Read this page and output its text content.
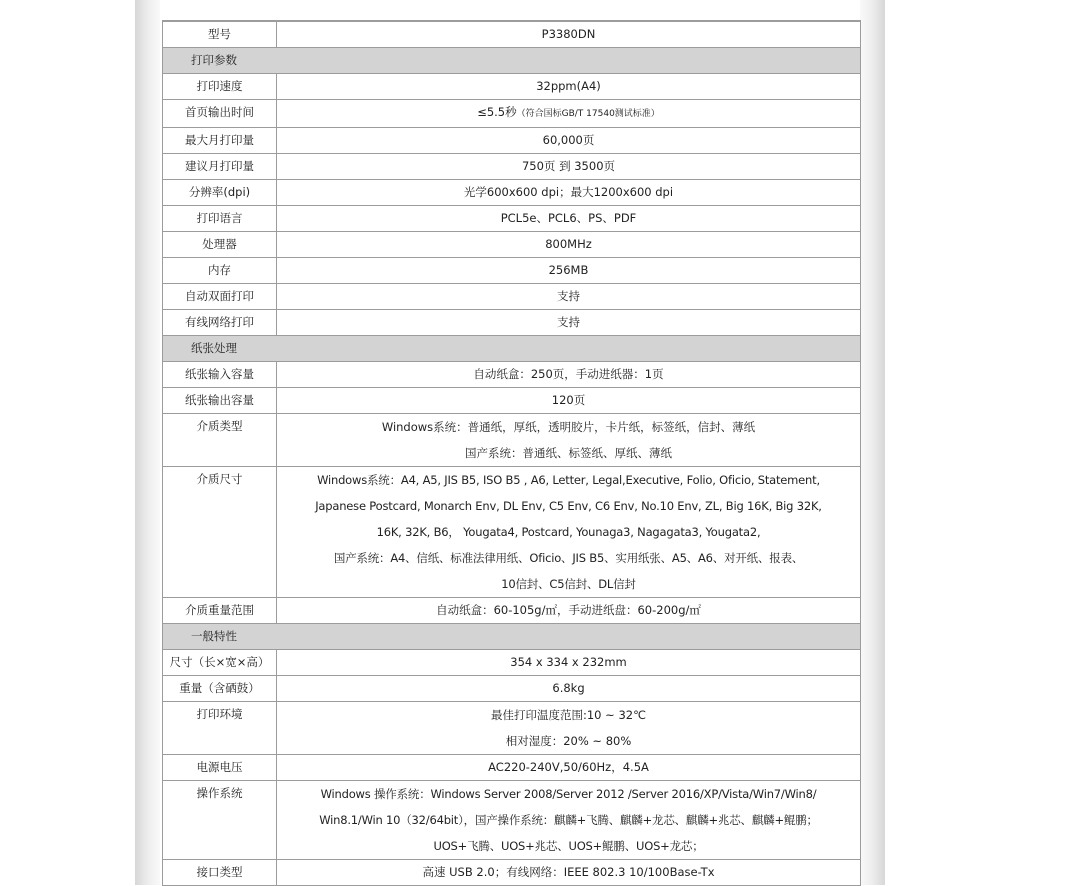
型号	P3380DN
打印参数	
打印速度	32ppm(A4)
首页输出时间	≤5.5秒（符合国标GB/T 17540测试标准）
最大月打印量	60,000页
建议月打印量	750页 到 3500页
分辨率(dpi)	光学600x600 dpi；最大1200x600 dpi
打印语言	PCL5e、PCL6、PS、PDF
处理器	800MHz
内存	256MB
自动双面打印	支持
有线网络打印	支持
纸张处理	
纸张输入容量	自动纸盒：250页，手动进纸器：1页
纸张输出容量	120页
介质类型	Windows系统：普通纸，厚纸，透明胶片，卡片纸，标签纸，信封、薄纸
国产系统：普通纸、标签纸、厚纸、薄纸

介质尺寸	Windows系统：A4, A5, JIS B5, ISO B5 , A6, Letter, Legal,Executive, Folio, Oficio, Statement,
Japanese Postcard, Monarch Env, DL Env, C5 Env, C6 Env, No.10 Env, ZL, Big 16K, Big 32K,
16K, 32K, B6， Yougata4, Postcard, Younaga3, Nagagata3, Yougata2,
国产系统：A4、信纸、标准法律用纸、Oficio、JIS B5、实用纸张、A5、A6、对开纸、报表、
10信封、C5信封、DL信封

介质重量范围	自动纸盒：60-105g/㎡，手动进纸盘：60-200g/㎡
一般特性	
尺寸（长×宽×高）	354 x 334 x 232mm
重量（含硒鼓）	6.8kg
打印环境	最佳打印温度范围:10 ~ 32℃
相对湿度：20% ~ 80%

电源电压	AC220-240V,50/60Hz，4.5A
操作系统	Windows 操作系统：Windows Server 2008/Server 2012 /Server 2016/XP/Vista/Win7/Win8/
Win8.1/Win 10（32/64bit），国产操作系统：麒麟+飞腾、麒麟+龙芯、麒麟+兆芯、麒麟+鲲鹏；
UOS+飞腾、UOS+兆芯、UOS+鲲鹏、UOS+龙芯；

接口类型	高速 USB 2.0；有线网络：IEEE 802.3 10/100Base-Tx
